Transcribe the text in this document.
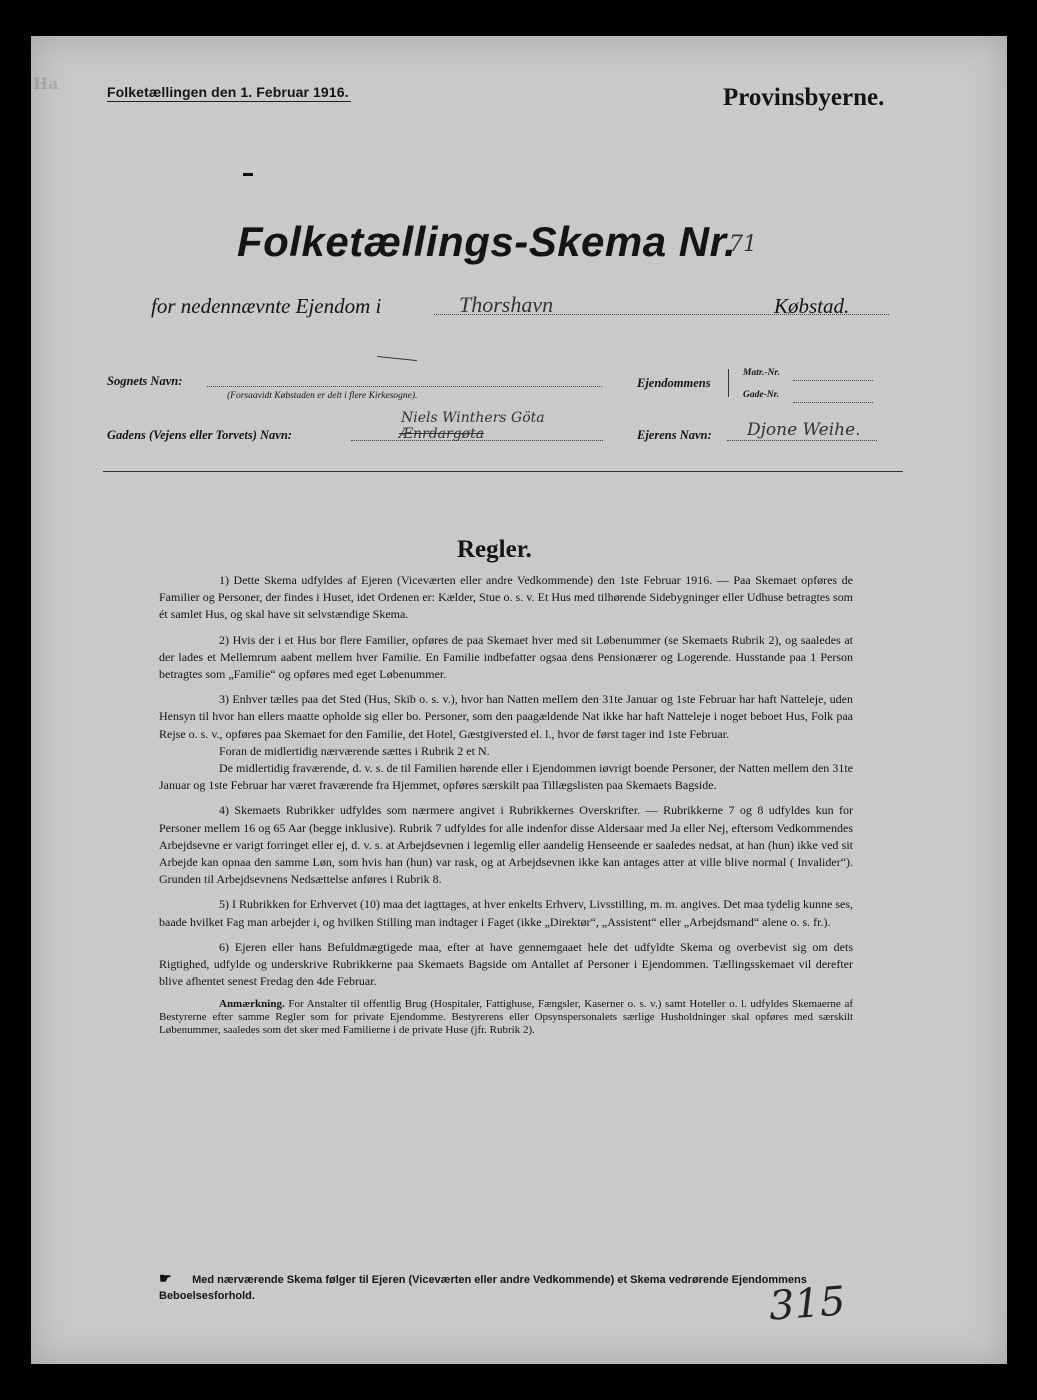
Ha	Folketællingen den 1. Februar 1916.	Provinsbyerne.
Folketællings-Skema Nr.
71
for nedennævnte Ejendom i	Thorshavn	Købstad.
Sognets Navn:
(Forsaavidt Købstaden er delt i flere Kirkesogne).
Ejendommens
Matr.-Nr.
Gade-Nr.
Gadens (Vejens eller Torvets) Navn:
Niels Winthers Göta
Ænrdargøta	Ejerens Navn: Djone Weihe.
Regler.

1) Dette Skema udfyldes af Ejeren (Viceværten eller andre Vedkommende) den 1ste Februar 1916. — Paa Skemaet opføres de Familier og Personer, der findes i Huset, idet Ordenen er: Kælder, Stue o. s. v. Et Hus med tilhørende Sidebygninger eller Udhuse betragtes som ét samlet Hus, og skal have sit selvstændige Skema.

2) Hvis der i et Hus bor flere Familier, opføres de paa Skemaet hver med sit Løbenummer (se Skemaets Rubrik 2), og saaledes at der lades et Mellemrum aabent mellem hver Familie. En Familie indbefatter ogsaa dens Pensionærer og Logerende. Husstande paa 1 Person betragtes som „Familie“ og opføres med eget Løbenummer.

3) Enhver tælles paa det Sted (Hus, Skib o. s. v.), hvor han Natten mellem den 31te Januar og 1ste Februar har haft Natteleje, uden Hensyn til hvor han ellers maatte opholde sig eller bo. Personer, som den paagældende Nat ikke har haft Natteleje i noget beboet Hus, Folk paa Rejse o. s. v., opføres paa Skemaet for den Familie, det Hotel, Gæstgiversted el. l., hvor de først tager ind 1ste Februar.

Foran de midlertidig nærværende sættes i Rubrik 2 et N.

De midlertidig fraværende, d. v. s. de til Familien hørende eller i Ejendommen iøvrigt boende Personer, der Natten mellem den 31te Januar og 1ste Februar har været fraværende fra Hjemmet, opføres særskilt paa Tillægslisten paa Skemaets Bagside.

4) Skemaets Rubrikker udfyldes som nærmere angivet i Rubrikkernes Overskrifter. — Rubrikkerne 7 og 8 udfyldes kun for Personer mellem 16 og 65 Aar (begge inklusive). Rubrik 7 udfyldes for alle indenfor disse Aldersaar med Ja eller Nej, eftersom Vedkommendes Arbejdsevne er varigt forringet eller ej, d. v. s. at Arbejdsevnen i legemlig eller aandelig Henseende er saaledes nedsat, at han (hun) ikke ved sit Arbejde kan opnaa den samme Løn, som hvis han (hun) var rask, og at Arbejdsevnen ikke kan antages atter at ville blive normal ( Invalider“). Grunden til Arbejdsevnens Nedsættelse anføres i Rubrik 8.

5) I Rubrikken for Erhvervet (10) maa det iagttages, at hver enkelts Erhverv, Livsstilling, m. m. angives. Det maa tydelig kunne ses, baade hvilket Fag man arbejder i, og hvilken Stilling man indtager i Faget (ikke „Direktør“, „Assistent“ eller „Arbejdsmand“ alene o. s. fr.).

6) Ejeren eller hans Befuldmægtigede maa, efter at have gennemgaaet hele det udfyldte Skema og overbevist sig om dets Rigtighed, udfylde og underskrive Rubrikkerne paa Skemaets Bagside om Antallet af Personer i Ejendommen. Tællingsskemaet vil derefter blive afhentet senest Fredag den 4de Februar.

Anmærkning. For Anstalter til offentlig Brug (Hospitaler, Fattighuse, Fængsler, Kaserner o. s. v.) samt Hoteller o. l. udfyldes Skemaerne af Bestyrerne efter samme Regler som for private Ejendomme. Bestyrerens eller Opsynspersonalets særlige Husholdninger skal opføres med særskilt Løbenummer, saaledes som det sker med Familierne i de private Huse (jfr. Rubrik 2).

☛ Med nærværende Skema følger til Ejeren (Viceværten eller andre Vedkommende) et Skema vedrørende Ejendommens Beboelsesforhold.	315
